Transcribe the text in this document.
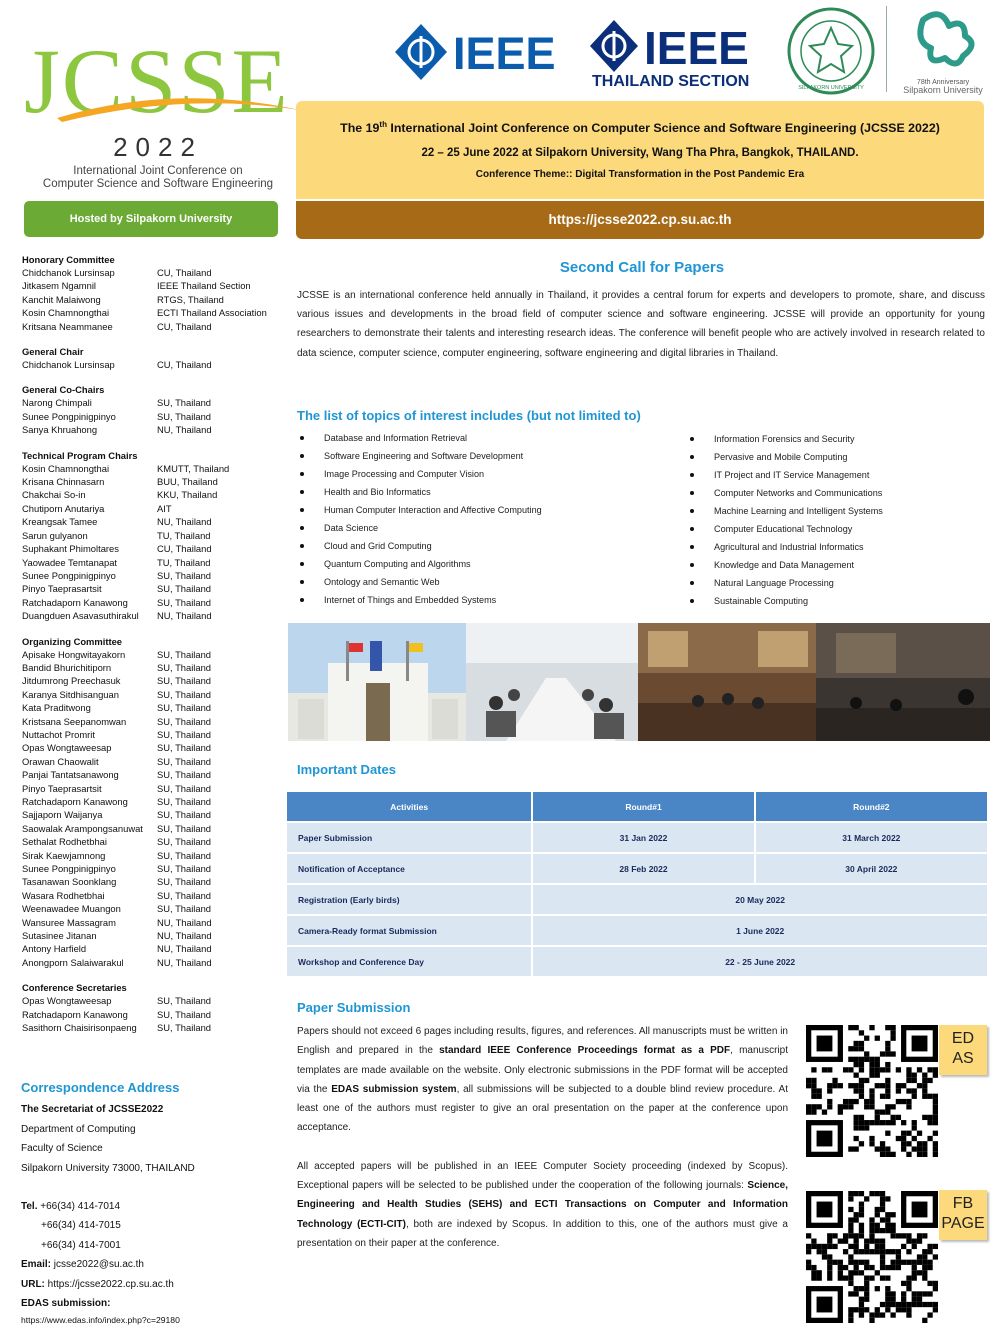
JCSSE
2022
International Joint Conference on
Computer Science and Software Engineering
Hosted by Silpakorn University
Honorary Committee
Chidchanok Lursinsap	CU, Thailand
Jitkasem Ngamnil	IEEE Thailand Section
Kanchit Malaiwong	RTGS, Thailand
Kosin Chamnongthai	ECTI Thailand Association
Kritsana Neammanee	CU, Thailand
General Chair
Chidchanok Lursinsap	CU, Thailand
General Co-Chairs
Narong Chimpali	SU, Thailand
Sunee Pongpinigpinyo	SU, Thailand
Sanya Khruahong	NU, Thailand
Technical Program Chairs
Kosin Chamnongthai	KMUTT, Thailand
Krisana Chinnasarn	BUU, Thailand
Chakchai So-in	KKU, Thailand
Chutiporn Anutariya	AIT
Kreangsak Tamee	NU, Thailand
Sarun gulyanon	TU, Thailand
Suphakant Phimoltares	CU, Thailand
Yaowadee Temtanapat	TU, Thailand
Sunee Pongpinigpinyo	SU, Thailand
Pinyo Taeprasartsit	SU, Thailand
Ratchadaporn Kanawong	SU, Thailand
Duangduen Asavasuthirakul	NU, Thailand
Organizing Committee
Apisake Hongwitayakorn	SU, Thailand
Bandid Bhurichitiporn	SU, Thailand
Jitdumrong Preechasuk	SU, Thailand
Karanya Sitdhisanguan	SU, Thailand
Kata Praditwong	SU, Thailand
Kristsana Seepanomwan	SU, Thailand
Nuttachot Promrit	SU, Thailand
Opas Wongtaweesap	SU, Thailand
Orawan Chaowalit	SU, Thailand
Panjai Tantatsanawong	SU, Thailand
Pinyo Taeprasartsit	SU, Thailand
Ratchadaporn Kanawong	SU, Thailand
Sajjaporn Waijanya	SU, Thailand
Saowalak Arampongsanuwat	SU, Thailand
Sethalat Rodhetbhai	SU, Thailand
Sirak Kaewjamnong	SU, Thailand
Sunee Pongpinigpinyo	SU, Thailand
Tasanawan Soonklang	SU, Thailand
Wasara Rodhetbhai	SU, Thailand
Weenawadee Muangon	SU, Thailand
Wansuree Massagram	NU, Thailand
Sutasinee Jitanan	NU, Thailand
Antony Harfield	NU, Thailand
Anongporn Salaiwarakul	NU, Thailand
Conference Secretaries
Opas Wongtaweesap	SU, Thailand
Ratchadaporn Kanawong	SU, Thailand
Sasithorn Chaisirisonpaeng	SU, Thailand
Correspondence Address
The Secretariat of JCSSE2022
Department of Computing
Faculty of Science
Silpakorn University 73000, THAILAND
Tel. +66(34) 414-7014
+66(34) 414-7015
+66(34) 414-7001
Email: jcsse2022@su.ac.th
URL: https://jcsse2022.cp.su.ac.th
EDAS submission:
https://www.edas.info/index.php?c=29180
IEEE IEEE
THAILAND SECTION	SILPAKORN UNIVERSITY
78th Anniversary
Silpakorn University
The 19th International Joint Conference on Computer Science and Software Engineering (JCSSE 2022)
22 – 25 June 2022 at Silpakorn University, Wang Tha Phra, Bangkok, THAILAND.
Conference Theme:: Digital Transformation in the Post Pandemic Era
https://jcsse2022.cp.su.ac.th
Second Call for Papers
JCSSE is an international conference held annually in Thailand, it provides a central forum for experts and developers to promote, share, and discuss various issues and developments in the broad field of computer science and software engineering. JCSSE will provide an opportunity for young researchers to demonstrate their talents and interesting research ideas. The conference will benefit people who are actively involved in research related to data science, computer science, computer engineering, software engineering and digital libraries in Thailand.
The list of topics of interest includes (but not limited to)
Database and Information Retrieval
Software Engineering and Software Development
Image Processing and Computer Vision
Health and Bio Informatics
Human Computer Interaction and Affective Computing
Data Science
Cloud and Grid Computing
Quantum Computing and Algorithms
Ontology and Semantic Web
Internet of Things and Embedded Systems
Information Forensics and Security
Pervasive and Mobile Computing
IT Project and IT Service Management
Computer Networks and Communications
Machine Learning and Intelligent Systems
Computer Educational Technology
Agricultural and Industrial Informatics
Knowledge and Data Management
Natural Language Processing
Sustainable Computing
Important Dates
Activities	Round#1	Round#2
Paper Submission	31 Jan 2022	31 March 2022
Notification of Acceptance	28 Feb 2022	30 April 2022
Registration (Early birds)	20 May 2022	
Camera-Ready format Submission	1 June 2022	
Workshop and Conference Day	22 - 25 June 2022	
Paper Submission

Papers should not exceed 6 pages including results, figures, and references. All manuscripts must be written in English and prepared in the standard IEEE Conference Proceedings format as a PDF, manuscript templates are made available on the website. Only electronic submissions in the PDF format will be accepted via the EDAS submission system, all submissions will be subjected to a double blind review procedure. At least one of the authors must register to give an oral presentation on the paper at the conference upon acceptance.

All accepted papers will be published in an IEEE Computer Society proceeding (indexed by Scopus). Exceptional papers will be selected to be published under the cooperation of the following journals: Science, Engineering and Health Studies (SEHS) and ECTI Transactions on Computer and Information Technology (ECTI-CIT), both are indexed by Scopus. In addition to this, one of the authors must give a presentation on their paper at the conference.

ED
AS
FB
PAGE
